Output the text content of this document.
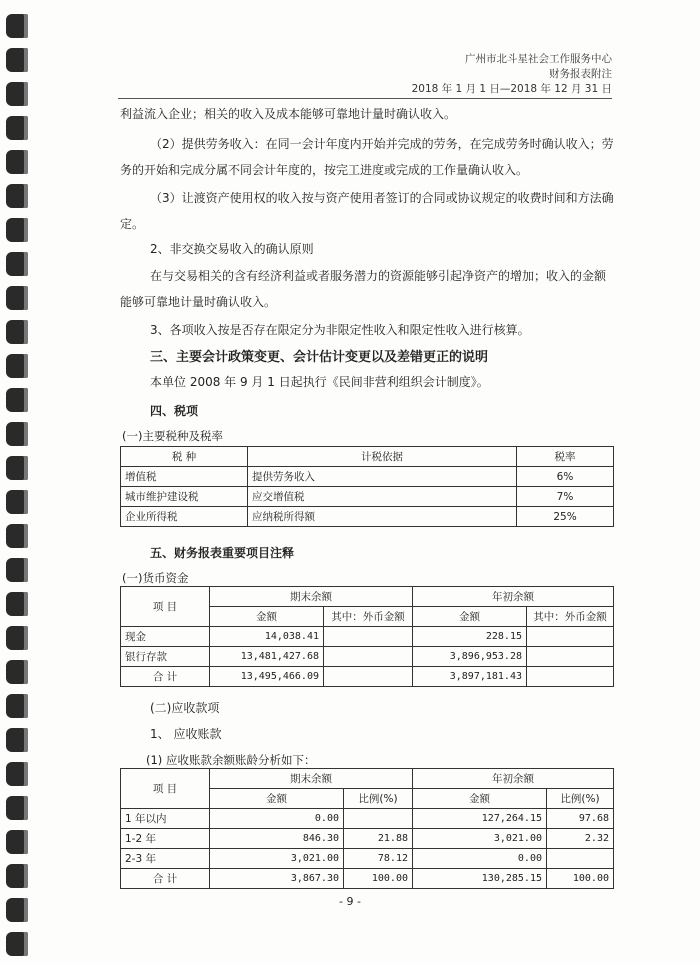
广州市北斗星社会工作服务中心
财务报表附注
2018 年 1 月 1 日—2018 年 12 月 31 日
利益流入企业；相关的收入及成本能够可靠地计量时确认收入。
（2）提供劳务收入：在同一会计年度内开始并完成的劳务，在完成劳务时确认收入；劳
务的开始和完成分属不同会计年度的，按完工进度或完成的工作量确认收入。
（3）让渡资产使用权的收入按与资产使用者签订的合同或协议规定的收费时间和方法确
定。
2、非交换交易收入的确认原则
在与交易相关的含有经济利益或者服务潜力的资源能够引起净资产的增加；收入的金额
能够可靠地计量时确认收入。
3、各项收入按是否存在限定分为非限定性收入和限定性收入进行核算。
三、主要会计政策变更、会计估计变更以及差错更正的说明
本单位 2008 年 9 月 1 日起执行《民间非营利组织会计制度》。
四、税项
(一)主要税种及税率
税 种	计税依据	税率
增值税	提供劳务收入	6%
城市维护建设税	应交增值税	7%
企业所得税	应纳税所得额	25%
五、财务报表重要项目注释
(一)货币资金
项 目	期末余额		年初余额	
	金额	其中：外币金额	金额	其中：外币金额
现金	14,038.41		228.15	
银行存款	13,481,427.68		3,896,953.28	
合 计	13,495,466.09		3,897,181.43	
(二)应收款项
1、 应收账款
(1) 应收账款余额账龄分析如下：
项 目	期末余额		年初余额	
	金额	比例(%)	金额	比例(%)
1 年以内	0.00		127,264.15	97.68
1-2 年	846.30	21.88	3,021.00	2.32
2-3 年	3,021.00	78.12	0.00	
合 计	3,867.30	100.00	130,285.15	100.00
- 9 -
